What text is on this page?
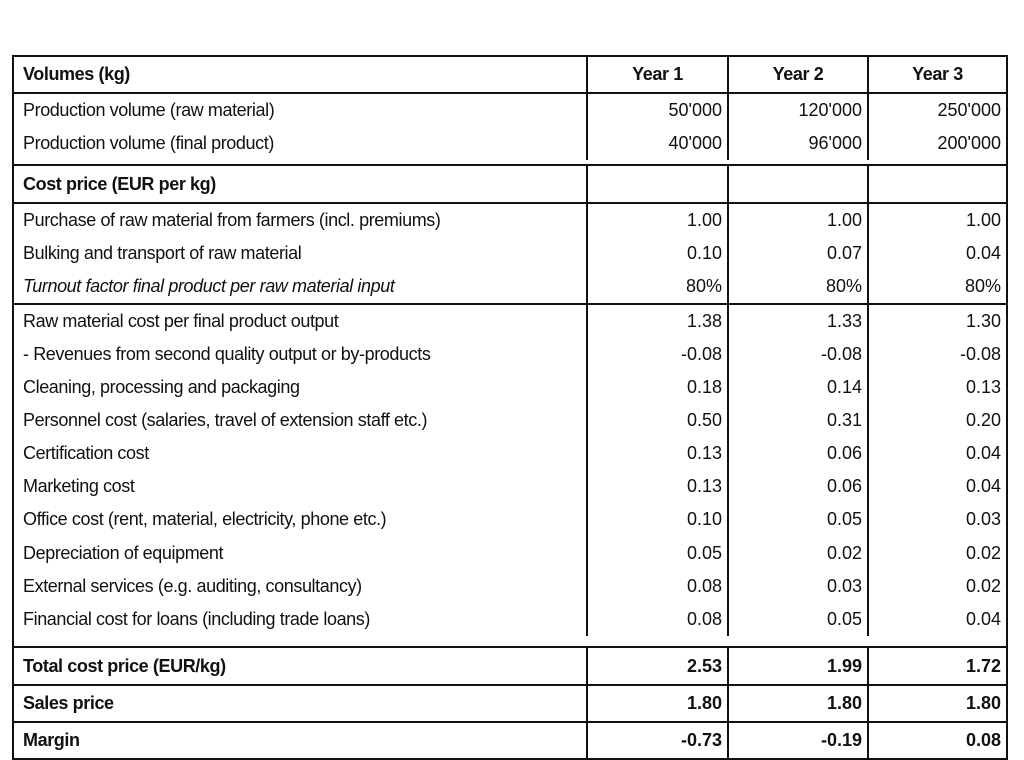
Volumes (kg)	Year 1	Year 2	Year 3
Production volume (raw material)	50'000	120'000	250'000
Production volume (final product)	40'000	96'000	200'000
Cost price (EUR per kg)
Purchase of raw material from farmers (incl. premiums)	1.00	1.00	1.00
Bulking and transport of raw material	0.10	0.07	0.04
Turnout factor final product per raw material input	80%	80%	80%
Raw material cost per final product output	1.38	1.33	1.30
- Revenues from second quality output or by-products	-0.08	-0.08	-0.08
Cleaning, processing and packaging	0.18	0.14	0.13
Personnel cost (salaries, travel of extension staff etc.)	0.50	0.31	0.20
Certification cost	0.13	0.06	0.04
Marketing cost	0.13	0.06	0.04
Office cost (rent, material, electricity, phone etc.)	0.10	0.05	0.03
Depreciation of equipment	0.05	0.02	0.02
External services (e.g. auditing, consultancy)	0.08	0.03	0.02
Financial cost for loans (including trade loans)	0.08	0.05	0.04
Total cost price (EUR/kg)	2.53	1.99	1.72
Sales price	1.80	1.80	1.80
Margin	-0.73	-0.19	0.08
